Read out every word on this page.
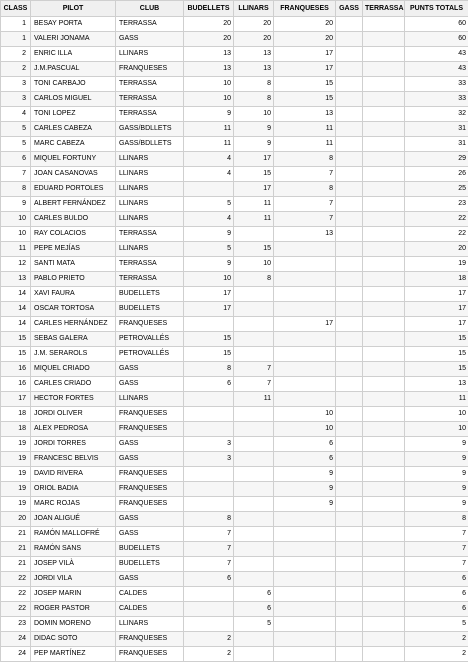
CLASS	PILOT	CLUB	BUDELLETS	LLINARS	FRANQUESES	GASS	TERRASSA	PUNTS TOTALS
1	BESAY PORTA	TERRASSA	20	20	20			60
1	VALERI JONAMA	GASS	20	20	20			60
2	ENRIC ILLA	LLINARS	13	13	17			43
2	J.M.PASCUAL	FRANQUESES	13	13	17			43
3	TONI CARBAJO	TERRASSA	10	8	15			33
3	CARLOS MIGUEL	TERRASSA	10	8	15			33
4	TONI LOPEZ	TERRASSA	9	10	13			32
5	CARLES CABEZA	GASS/BDLLETS	11	9	11			31
5	MARC CABEZA	GASS/BDLLETS	11	9	11			31
6	MIQUEL FORTUNY	LLINARS	4	17	8			29
7	JOAN CASANOVAS	LLINARS	4	15	7			26
8	EDUARD PORTOLES	LLINARS		17	8			25
9	ALBERT FERNÁNDEZ	LLINARS	5	11	7			23
10	CARLES BULDO	LLINARS	4	11	7			22
10	RAY COLACIOS	TERRASSA	9		13			22
11	PEPE MEJÍAS	LLINARS	5	15				20
12	SANTI MATA	TERRASSA	9	10				19
13	PABLO PRIETO	TERRASSA	10	8				18
14	XAVI FAURA	BUDELLETS	17					17
14	OSCAR TORTOSA	BUDELLETS	17					17
14	CARLES HERNÁNDEZ	FRANQUESES			17			17
15	SEBAS GALERA	PETROVALLÉS	15					15
15	J.M. SERAROLS	PETROVALLÉS	15					15
16	MIQUEL CRIADO	GASS	8	7				15
16	CARLES CRIADO	GASS	6	7				13
17	HECTOR FORTES	LLINARS		11				11
18	JORDI OLIVER	FRANQUESES			10			10
18	ALEX PEDROSA	FRANQUESES			10			10
19	JORDI TORRES	GASS	3		6			9
19	FRANCESC BELVIS	GASS	3		6			9
19	DAVID RIVERA	FRANQUESES			9			9
19	ORIOL BADIA	FRANQUESES			9			9
19	MARC ROJAS	FRANQUESES			9			9
20	JOAN ALIGUÉ	GASS	8					8
21	RAMÓN MALLOFRÉ	GASS	7					7
21	RAMÓN SANS	BUDELLETS	7					7
21	JOSEP VILÀ	BUDELLETS	7					7
22	JORDI VILA	GASS	6					6
22	JOSEP MARIN	CALDES		6				6
22	ROGER PASTOR	CALDES		6				6
23	DOMIN MORENO	LLINARS		5				5
24	DIDAC SOTO	FRANQUESES	2					2
24	PEP MARTÍNEZ	FRANQUESES	2					2
